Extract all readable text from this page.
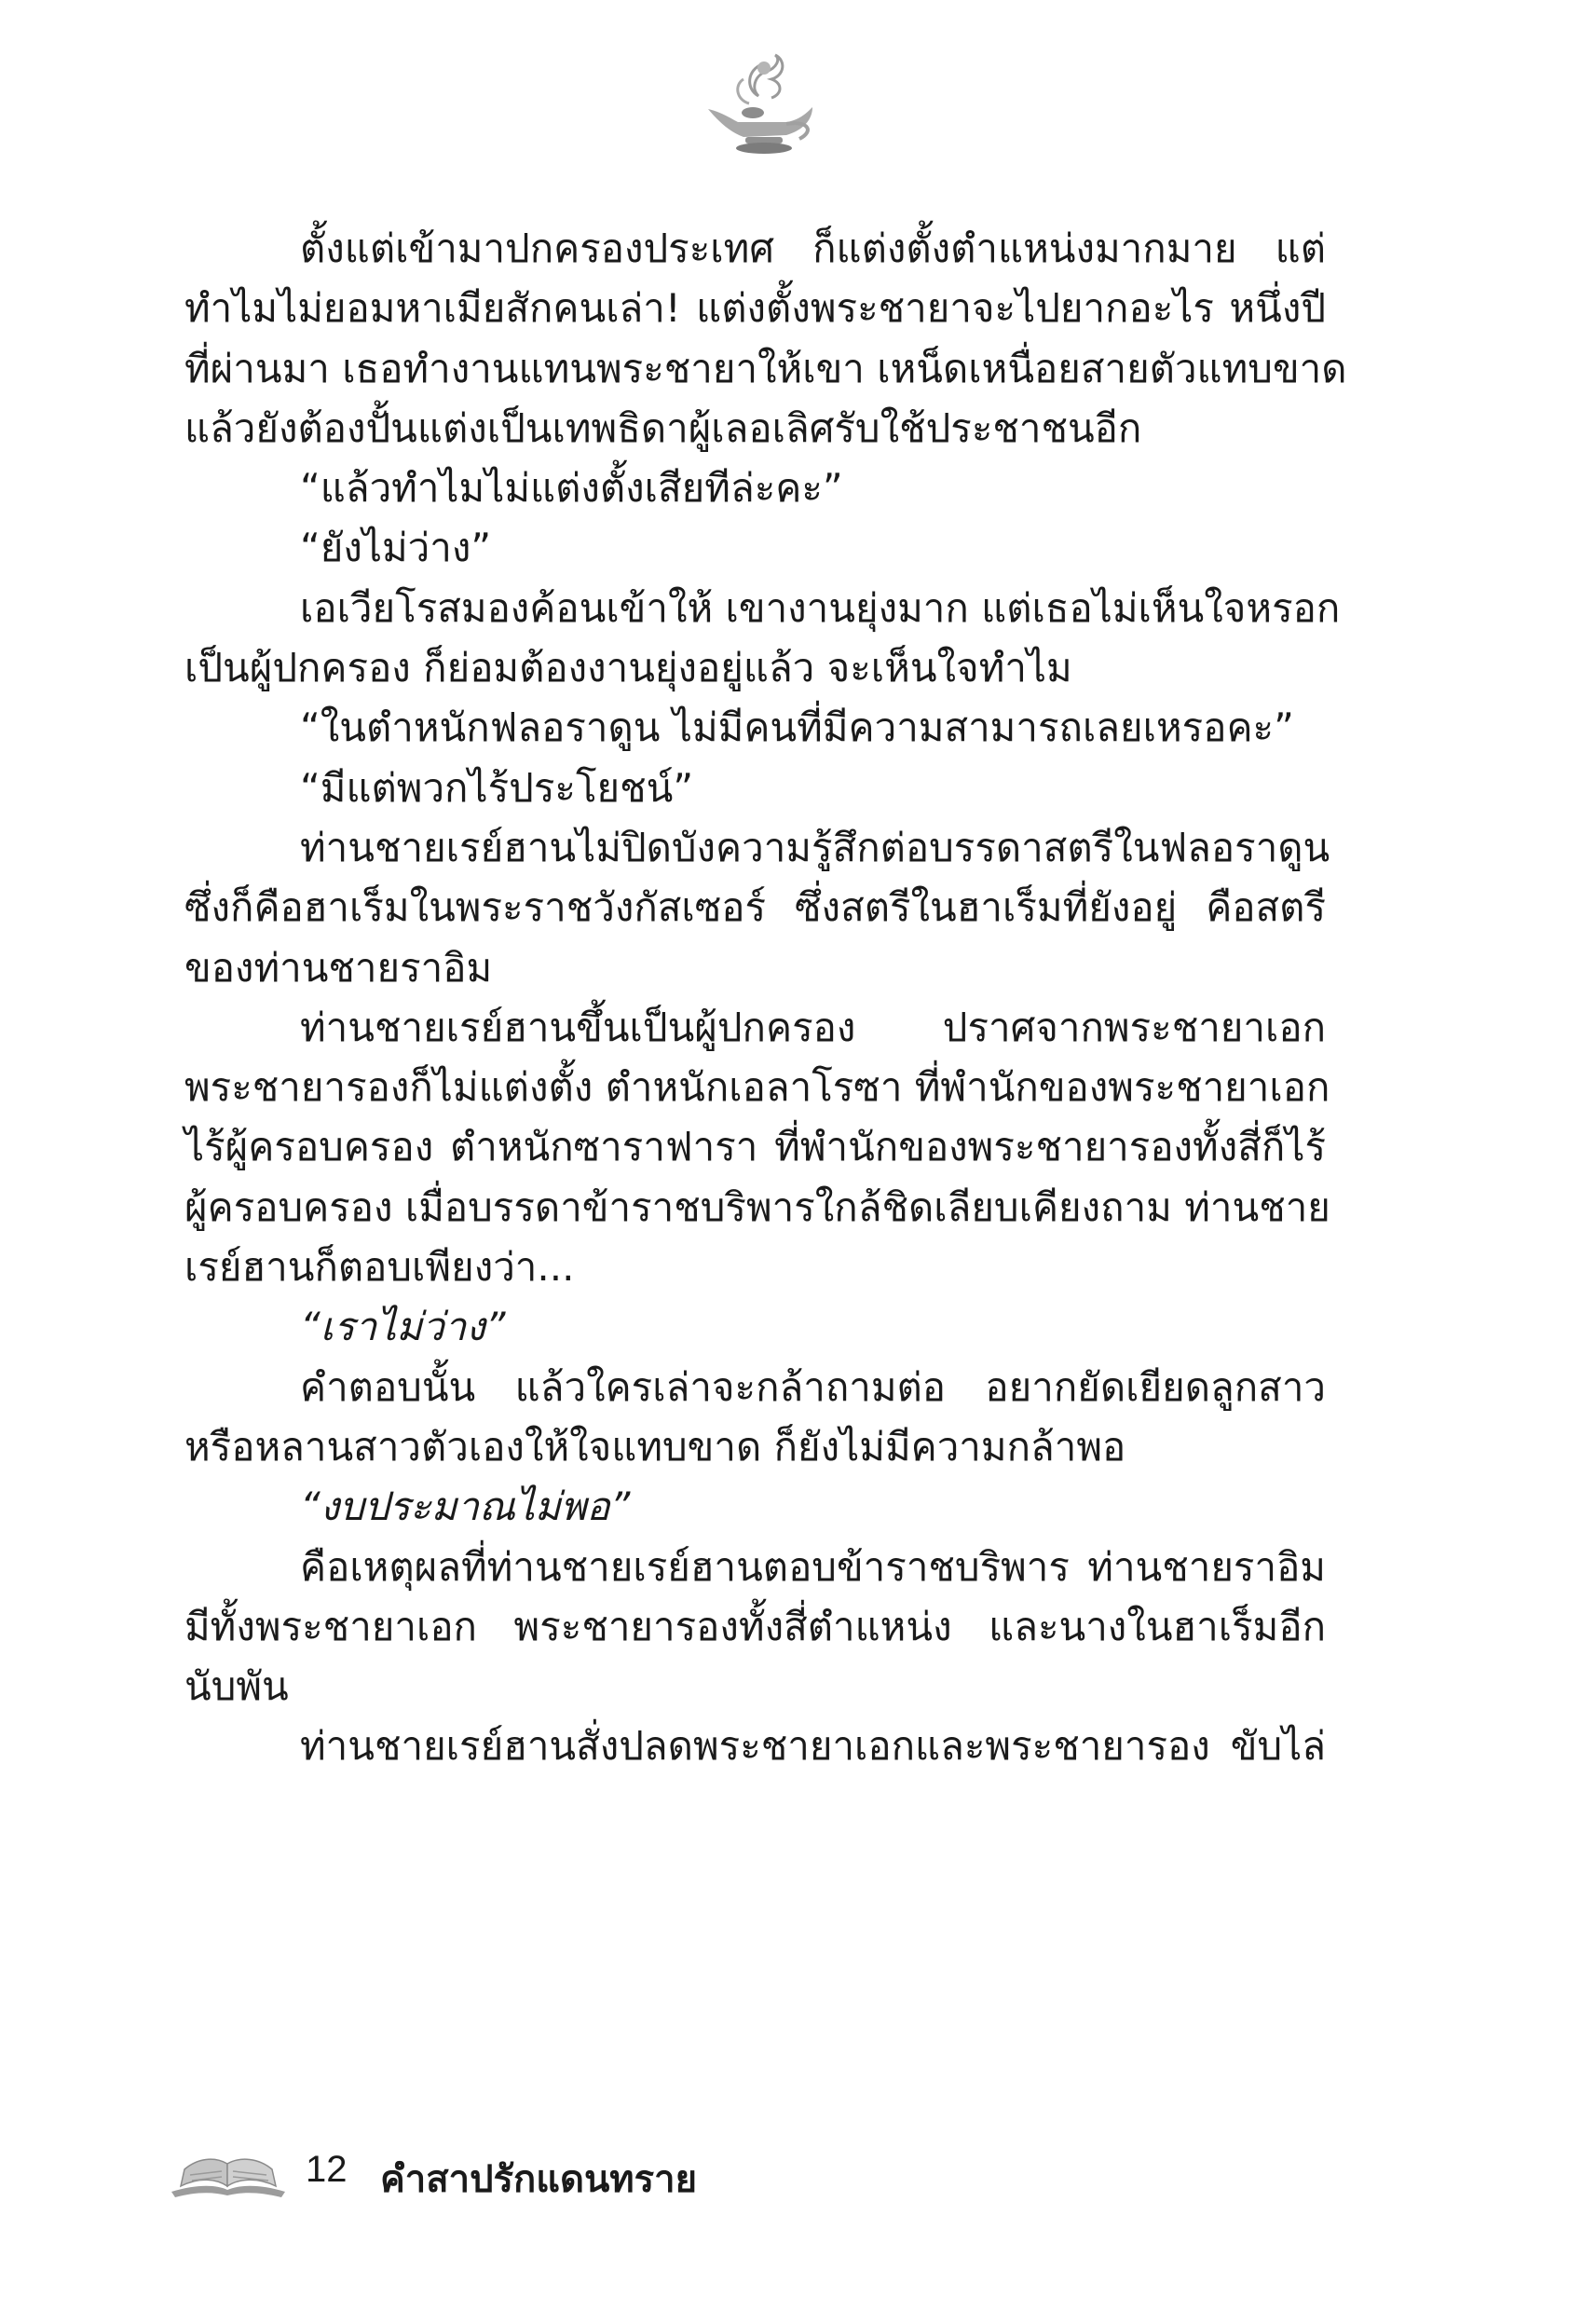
ตั้งแต่เข้ามาปกครองประเทศ ก็แต่งตั้งตำแหน่งมากมาย แต่
ทำไมไม่ยอมหาเมียสักคนเล่า! แต่งตั้งพระชายาจะไปยากอะไร หนึ่งปี
ที่ผ่านมา เธอทำงานแทนพระชายาให้เขา เหน็ดเหนื่อยสายตัวแทบขาด
แล้วยังต้องปั้นแต่งเป็นเทพธิดาผู้เลอเลิศรับใช้ประชาชนอีก
“แล้วทำไมไม่แต่งตั้งเสียทีล่ะคะ”
“ยังไม่ว่าง”
เอเวียโรสมองค้อนเข้าให้ เขางานยุ่งมาก แต่เธอไม่เห็นใจหรอก
เป็นผู้ปกครอง ก็ย่อมต้องงานยุ่งอยู่แล้ว จะเห็นใจทำไม
“ในตำหนักฟลอราดูน ไม่มีคนที่มีความสามารถเลยเหรอคะ”
“มีแต่พวกไร้ประโยชน์”
ท่านชายเรย์ฮานไม่ปิดบังความรู้สึกต่อบรรดาสตรีในฟลอราดูน
ซึ่งก็คือฮาเร็มในพระราชวังกัสเซอร์ ซึ่งสตรีในฮาเร็มที่ยังอยู่ คือสตรี
ของท่านชายราอิม
ท่านชายเรย์ฮานขึ้นเป็นผู้ปกครอง ปราศจากพระชายาเอก
พระชายารองก็ไม่แต่งตั้ง ตำหนักเอลาโรซา ที่พำนักของพระชายาเอก
ไร้ผู้ครอบครอง ตำหนักซาราฟารา ที่พำนักของพระชายารองทั้งสี่ก็ไร้
ผู้ครอบครอง เมื่อบรรดาข้าราชบริพารใกล้ชิดเลียบเคียงถาม ท่านชาย
เรย์ฮานก็ตอบเพียงว่า...
“เราไม่ว่าง”
คำตอบนั้น แล้วใครเล่าจะกล้าถามต่อ อยากยัดเยียดลูกสาว
หรือหลานสาวตัวเองให้ใจแทบขาด ก็ยังไม่มีความกล้าพอ
“งบประมาณไม่พอ”
คือเหตุผลที่ท่านชายเรย์ฮานตอบข้าราชบริพาร ท่านชายราอิม
มีทั้งพระชายาเอก พระชายารองทั้งสี่ตำแหน่ง และนางในฮาเร็มอีก
นับพัน
ท่านชายเรย์ฮานสั่งปลดพระชายาเอกและพระชายารอง ขับไล่
12 คำสาปรักแดนทราย
